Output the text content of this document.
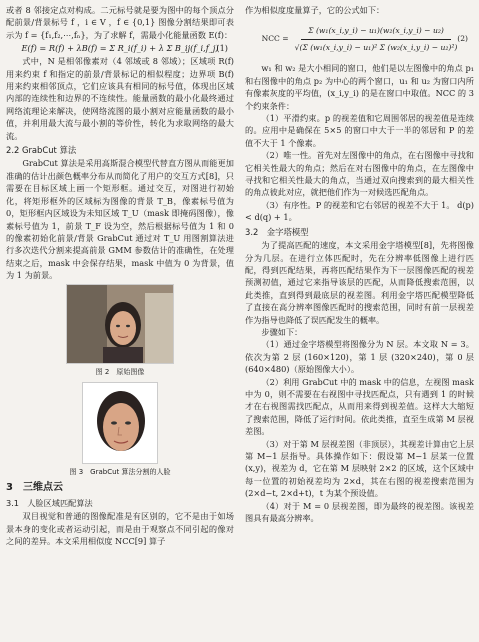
或者 8 邻接定点对构成。二元标号就是要为图中的每个顶点分配前景/背景标号 f ，i ∈ V ，f ∈ {0,1} 图像分割结果即可表示为 f = {f₁,f₂,⋯,fₙ}，为了求解 f，需最小化能量函数 E(f)：

E(f) = R(f) + λB(f) = Σ R_i(f_i) + λ Σ B_ij(f_i,f_j)
(1)

式中，N 是相邻像素对（4 邻域或 8 邻域）；区域项 R(f) 用来约束 f 和指定的前景/背景标记的相似程度；边界项 B(f) 用来约束相邻顶点，它们应该具有相同的标号值，体现出区域内部的连续性和边界的不连续性。能量函数的最小化最终通过网络流理论来解决，使网络流图的最小割对应能量函数的最小值，并利用最大流与最小割的等价性，转化为求取网络的最大流。

2.2 GrabCut 算法

GrabCut 算法是采用高斯混合模型代替直方图从而能更加准确的估计出颜色概率分布从而简化了用户的交互方式[8]，只需要在目标区域上画一个矩形框。通过交互，对图进行初始化，将矩形框外的区域标为图像的背景 T_B，像素标号值为 0，矩形框内区域设为未知区域 T_U（mask 即掩码图像），像素标号值为 1，前景 T_F 设为空，然后根据标号值为 1 和 0 的像素初始化前景/背景 GrabCut 通过对 T_U 用图割算法进行多次迭代分割来提高前景 GMM 参数估计的准确性，在处理结束之后，mask 中会保存结果，mask 中值为 0 为背景，值为 1 为前景。

图 2　原始图像
图 3　GrabCut 算法分割的人脸
3　三维点云
3.1　人脸区域匹配算法

双目视觉和普通的图像配准是有区别的，它不是由于如场景本身的变化或者运动引起，而是由于观察点不同引起的像对之间的差异。本文采用相似度 NCC[9] 算子

作为相似度度量算子，它的公式如下：

NCC = $\frac{\text{Σ (w₁(x\_i,y\_i) − u₁)(w₂(x\_i,y\_i) − u₂)}}{\text{√(Σ (w₁(x\_i,y\_i) − u₁)² Σ (w₂(x\_i,y\_i) − u₂)²)}} (2)$

w₁ 和 w₂ 是大小相同的窗口，他们是以左图像中的角点 p₁ 和右图像中的角点 p₂ 为中心的两个窗口，u₁ 和 u₂ 为窗口内所有像素灰度的平均值，(x_i,y_i) 的是在窗口中取值。NCC 的 3 个约束条件：

（1）平滑约束。p 的视差值和它周围邻居的视差值是连续的。应用中是确保在 5×5 的窗口中大于一半的邻居和 P 的差值不大于 1 个像素。

（2）唯一性。首先对左图像中的角点，在右图像中寻找和它相关性最大的角点；然后在对右图像中的角点，在左图像中寻找和它相关性最大的角点，当通过双向搜索到的最大相关性的角点彼此对应，就把他们作为一对候选匹配角点。

（3）有序性。P 的视差和它右邻居的视差不大于 1。 d(p) < d(q) + 1。

3.2　金字塔模型

为了提高匹配的速度，本文采用金字塔模型[8]，先将图像分为几层。在进行立体匹配时，先在分辨率低图像上进行匹配，得到匹配结果，再将匹配结果作为下一层图像匹配的视差预测初值，通过它来指导该层的匹配，从而降低搜索范围，以此类推，直到得到最底层的视差图。利用金字塔匹配模型降低了直接在高分辨率图像匹配时的搜索范围，同时有前一层视差作为指导也降低了误匹配发生的概率。

步骤如下：

（1）通过金字塔模型将图像分为 N 层。本文取 N = 3。依次为第 2 层 (160×120)，第 1 层 (320×240)，第 0 层 (640×480)（原始图像大小）。

（2）利用 GrabCut 中的 mask 中的信息，左视图 mask 中为 0，则不需要在右视图中寻找匹配点，只有遇到 1 的时候才在右视图需找匹配点，从而用来得到视差值。这样大大缩短了搜索范围，降低了运行时间。依此类推，直至生成第 M 层视差图。

（3）对于第 M 层视差图（非顶层），其视差计算由它上层第 M−1 层指导。具体操作如下：假设第 M−1 层某一位置 (x,y)，视差为 d，它在第 M 层映射 2×2 的区域，这个区域中每一位置的初始视差均为 2×d，其在右图的视差搜索范围为 (2×d−t, 2×d+t)，t 为某个预设值。

（4）对于 M = 0 层视差图，即为最终的视差图。该视差图具有最高分辨率。
